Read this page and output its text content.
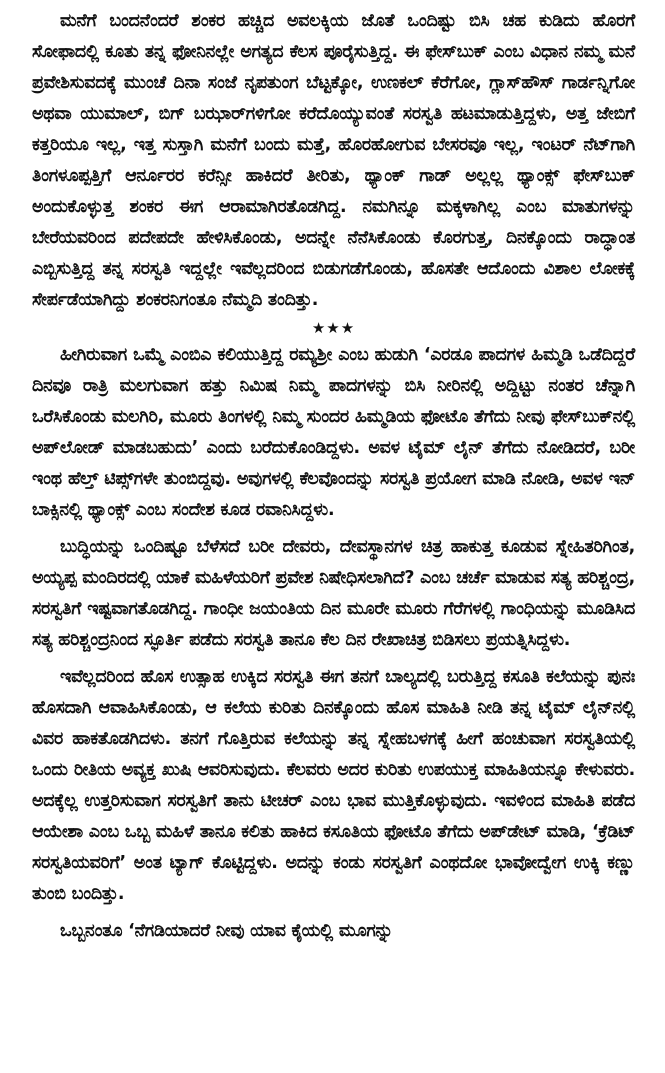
ಮನೆಗೆ ಬಂದನೆಂದರೆ ಶಂಕರ ಹಚ್ಚಿದ ಅವಲಕ್ಕಿಯ ಜೊತೆ ಒಂದಿಷ್ಟು ಬಿಸಿ ಚಹ ಕುಡಿದು ಹೊರಗೆ ಸೋಫಾದಲ್ಲಿ ಕೂತು ತನ್ನ ಫೋನಿನಲ್ಲೇ ಅಗತ್ಯದ ಕೆಲಸ ಪೂರೈಸುತ್ತಿದ್ದ. ಈ ಫೇಸ್‌ಬುಕ್ ಎಂಬ ವಿಧಾನ ನಮ್ಮ ಮನೆ ಪ್ರವೇಶಿಸುವದಕ್ಕೆ ಮುಂಚೆ ದಿನಾ ಸಂಜೆ ನೃಪತುಂಗ ಬೆಟ್ಟಕ್ಕೋ, ಉಣಕಲ್ ಕೆರೆಗೋ, ಗ್ಲಾಸ್‌ಹೌಸ್ ಗಾರ್ಡನ್ನಿಗೋ ಅಥವಾ ಯುಮಾಲ್, ಬಿಗ್ ಬಝಾರ್‌ಗಳಿಗೋ ಕರೆದೊಯ್ಯುವಂತೆ ಸರಸ್ವತಿ ಹಟಮಾಡುತ್ತಿದ್ದಳು, ಅತ್ತ ಜೇಬಿಗೆ ಕತ್ತರಿಯೂ ಇಲ್ಲ, ಇತ್ತ ಸುಸ್ತಾಗಿ ಮನೆಗೆ ಬಂದು ಮತ್ತೆ, ಹೊರಹೋಗುವ ಬೇಸರವೂ ಇಲ್ಲ, ಇಂಟರ್ ನೆಟ್‌ಗಾಗಿ ತಿಂಗಳೂಪ್ಪತ್ತಿಗೆ ಆರ್ನೂರರ ಕರೆನ್ಸೀ ಹಾಕಿದರೆ ತೀರಿತು, ಥ್ಯಾಂಕ್ ಗಾಡ್ ಅಲ್ಲಲ್ಲ ಥ್ಯಾಂಕ್ಸ್ ಫೇಸ್‌ಬುಕ್ ಅಂದುಕೊಳ್ಳುತ್ತ ಶಂಕರ ಈಗ ಆರಾಮಾಗಿರತೊಡಗಿದ್ದ. ನಮಗಿನ್ನೂ ಮಕ್ಕಳಾಗಿಲ್ಲ ಎಂಬ ಮಾತುಗಳನ್ನು ಬೇರೆಯವರಿಂದ ಪದೇಪದೇ ಹೇಳಿಸಿಕೊಂಡು, ಅದನ್ನೇ ನೆನೆಸಿಕೊಂಡು ಕೊರಗುತ್ತ, ದಿನಕ್ಕೊಂದು ರಾದ್ಧಾಂತ ಎಬ್ಬಿಸುತ್ತಿದ್ದ ತನ್ನ ಸರಸ್ವತಿ ಇದ್ದಲ್ಲೇ ಇವೆಲ್ಲದರಿಂದ ಬಿಡುಗಡೆಗೊಂಡು, ಹೊಸತೇ ಆದೊಂದು ವಿಶಾಲ ಲೋಕಕ್ಕೆ ಸೇರ್ಪಡೆಯಾಗಿದ್ದು ಶಂಕರನಿಗಂತೂ ನೆಮ್ಮದಿ ತಂದಿತ್ತು.

★★★

ಹೀಗಿರುವಾಗ ಒಮ್ಮೆ ಎಂಬಿಎ ಕಲಿಯುತ್ತಿದ್ದ ರಮ್ಯಶ್ರೀ ಎಂಬ ಹುಡುಗಿ ‘ಎರಡೂ ಪಾದಗಳ ಹಿಮ್ಮಡಿ ಒಡೆದಿದ್ದರೆ ದಿನವೂ ರಾತ್ರಿ ಮಲಗುವಾಗ ಹತ್ತು ನಿಮಿಷ ನಿಮ್ಮ ಪಾದಗಳನ್ನು ಬಿಸಿ ನೀರಿನಲ್ಲಿ ಅದ್ದಿಟ್ಟು ನಂತರ ಚೆನ್ನಾಗಿ ಒರೆಸಿಕೊಂಡು ಮಲಗಿರಿ, ಮೂರು ತಿಂಗಳಲ್ಲಿ ನಿಮ್ಮ ಸುಂದರ ಹಿಮ್ಮಡಿಯ ಫೋಟೊ ತೆಗೆದು ನೀವು ಫೇಸ್‌ಬುಕ್‌ನಲ್ಲಿ ಅಪ್‌ಲೋಡ್ ಮಾಡಬಹುದು’ ಎಂದು ಬರೆದುಕೊಂಡಿದ್ದಳು. ಅವಳ ಟೈಮ್ ಲೈನ್ ತೆಗೆದು ನೋಡಿದರೆ, ಬರೀ ಇಂಥ ಹೆಲ್ತ್ ಟಿಪ್ಸ್‌ಗಳೇ ತುಂಬಿದ್ದವು. ಅವುಗಳಲ್ಲಿ ಕೆಲವೊಂದನ್ನು ಸರಸ್ವತಿ ಪ್ರಯೋಗ ಮಾಡಿ ನೋಡಿ, ಅವಳ ಇನ್ ಬಾಕ್ಸಿನಲ್ಲಿ ಥ್ಯಾಂಕ್ಸ್ ಎಂಬ ಸಂದೇಶ ಕೂಡ ರವಾನಿಸಿದ್ದಳು.

ಬುದ್ಧಿಯನ್ನು ಒಂದಿಷ್ಟೂ ಬೆಳೆಸದೆ ಬರೀ ದೇವರು, ದೇವಸ್ಥಾನಗಳ ಚಿತ್ರ ಹಾಕುತ್ತ ಕೂಡುವ ಸ್ನೇಹಿತರಿಗಿಂತ, ಅಯ್ಯಪ್ಪ ಮಂದಿರದಲ್ಲಿ ಯಾಕೆ ಮಹಿಳೆಯರಿಗೆ ಪ್ರವೇಶ ನಿಷೇಧಿಸಲಾಗಿದೆ? ಎಂಬ ಚರ್ಚೆ ಮಾಡುವ ಸತ್ಯ ಹರಿಶ್ಚಂದ್ರ, ಸರಸ್ವತಿಗೆ ಇಷ್ಟವಾಗತೊಡಗಿದ್ದ. ಗಾಂಧೀ ಜಯಂತಿಯ ದಿನ ಮೂರೇ ಮೂರು ಗೆರೆಗಳಲ್ಲಿ ಗಾಂಧಿಯನ್ನು ಮೂಡಿಸಿದ ಸತ್ಯ ಹರಿಶ್ಚಂದ್ರನಿಂದ ಸ್ಫೂರ್ತಿ ಪಡೆದು ಸರಸ್ವತಿ ತಾನೂ ಕೆಲ ದಿನ ರೇಖಾಚಿತ್ರ ಬಿಡಿಸಲು ಪ್ರಯತ್ನಿಸಿದ್ದಳು.

ಇವೆಲ್ಲದರಿಂದ ಹೊಸ ಉತ್ಸಾಹ ಉಕ್ಕಿದ ಸರಸ್ವತಿ ಈಗ ತನಗೆ ಬಾಲ್ಯದಲ್ಲಿ ಬರುತ್ತಿದ್ದ ಕಸೂತಿ ಕಲೆಯನ್ನು ಪುನಃ ಹೊಸದಾಗಿ ಆವಾಹಿಸಿಕೊಂಡು, ಆ ಕಲೆಯ ಕುರಿತು ದಿನಕ್ಕೊಂದು ಹೊಸ ಮಾಹಿತಿ ನೀಡಿ ತನ್ನ ಟೈಮ್ ಲೈನ್‌ನಲ್ಲಿ ವಿವರ ಹಾಕತೊಡಗಿದಳು. ತನಗೆ ಗೊತ್ತಿರುವ ಕಲೆಯನ್ನು ತನ್ನ ಸ್ನೇಹಬಳಗಕ್ಕೆ ಹೀಗೆ ಹಂಚುವಾಗ ಸರಸ್ವತಿಯಲ್ಲಿ ಒಂದು ರೀತಿಯ ಅವ್ಯಕ್ತ ಖುಷಿ ಆವರಿಸುವುದು. ಕೆಲವರು ಅದರ ಕುರಿತು ಉಪಯುಕ್ತ ಮಾಹಿತಿಯನ್ನೂ ಕೇಳುವರು. ಅದಕ್ಕೆಲ್ಲ ಉತ್ತರಿಸುವಾಗ ಸರಸ್ವತಿಗೆ ತಾನು ಟೀಚರ್ ಎಂಬ ಭಾವ ಮುತ್ತಿಕೊಳ್ಳುವುದು. ಇವಳಿಂದ ಮಾಹಿತಿ ಪಡೆದ ಆಯೇಶಾ ಎಂಬ ಒಬ್ಬ ಮಹಿಳೆ ತಾನೂ ಕಲಿತು ಹಾಕಿದ ಕಸೂತಿಯ ಫೋಟೊ ತೆಗೆದು ಅಪ್‌ಡೇಟ್ ಮಾಡಿ, ‘ಕ್ರೆಡಿಟ್ ಸರಸ್ವತಿಯವರಿಗೆ’ ಅಂತ ಟ್ಯಾಗ್ ಕೊಟ್ಟಿದ್ದಳು. ಅದನ್ನು ಕಂಡು ಸರಸ್ವತಿಗೆ ಎಂಥದೋ ಭಾವೋದ್ವೇಗ ಉಕ್ಕಿ ಕಣ್ಣು ತುಂಬಿ ಬಂದಿತ್ತು.

ಒಬ್ಬನಂತೂ ‘ನೆಗಡಿಯಾದರೆ ನೀವು ಯಾವ ಕೈಯಲ್ಲಿ ಮೂಗನ್ನು
